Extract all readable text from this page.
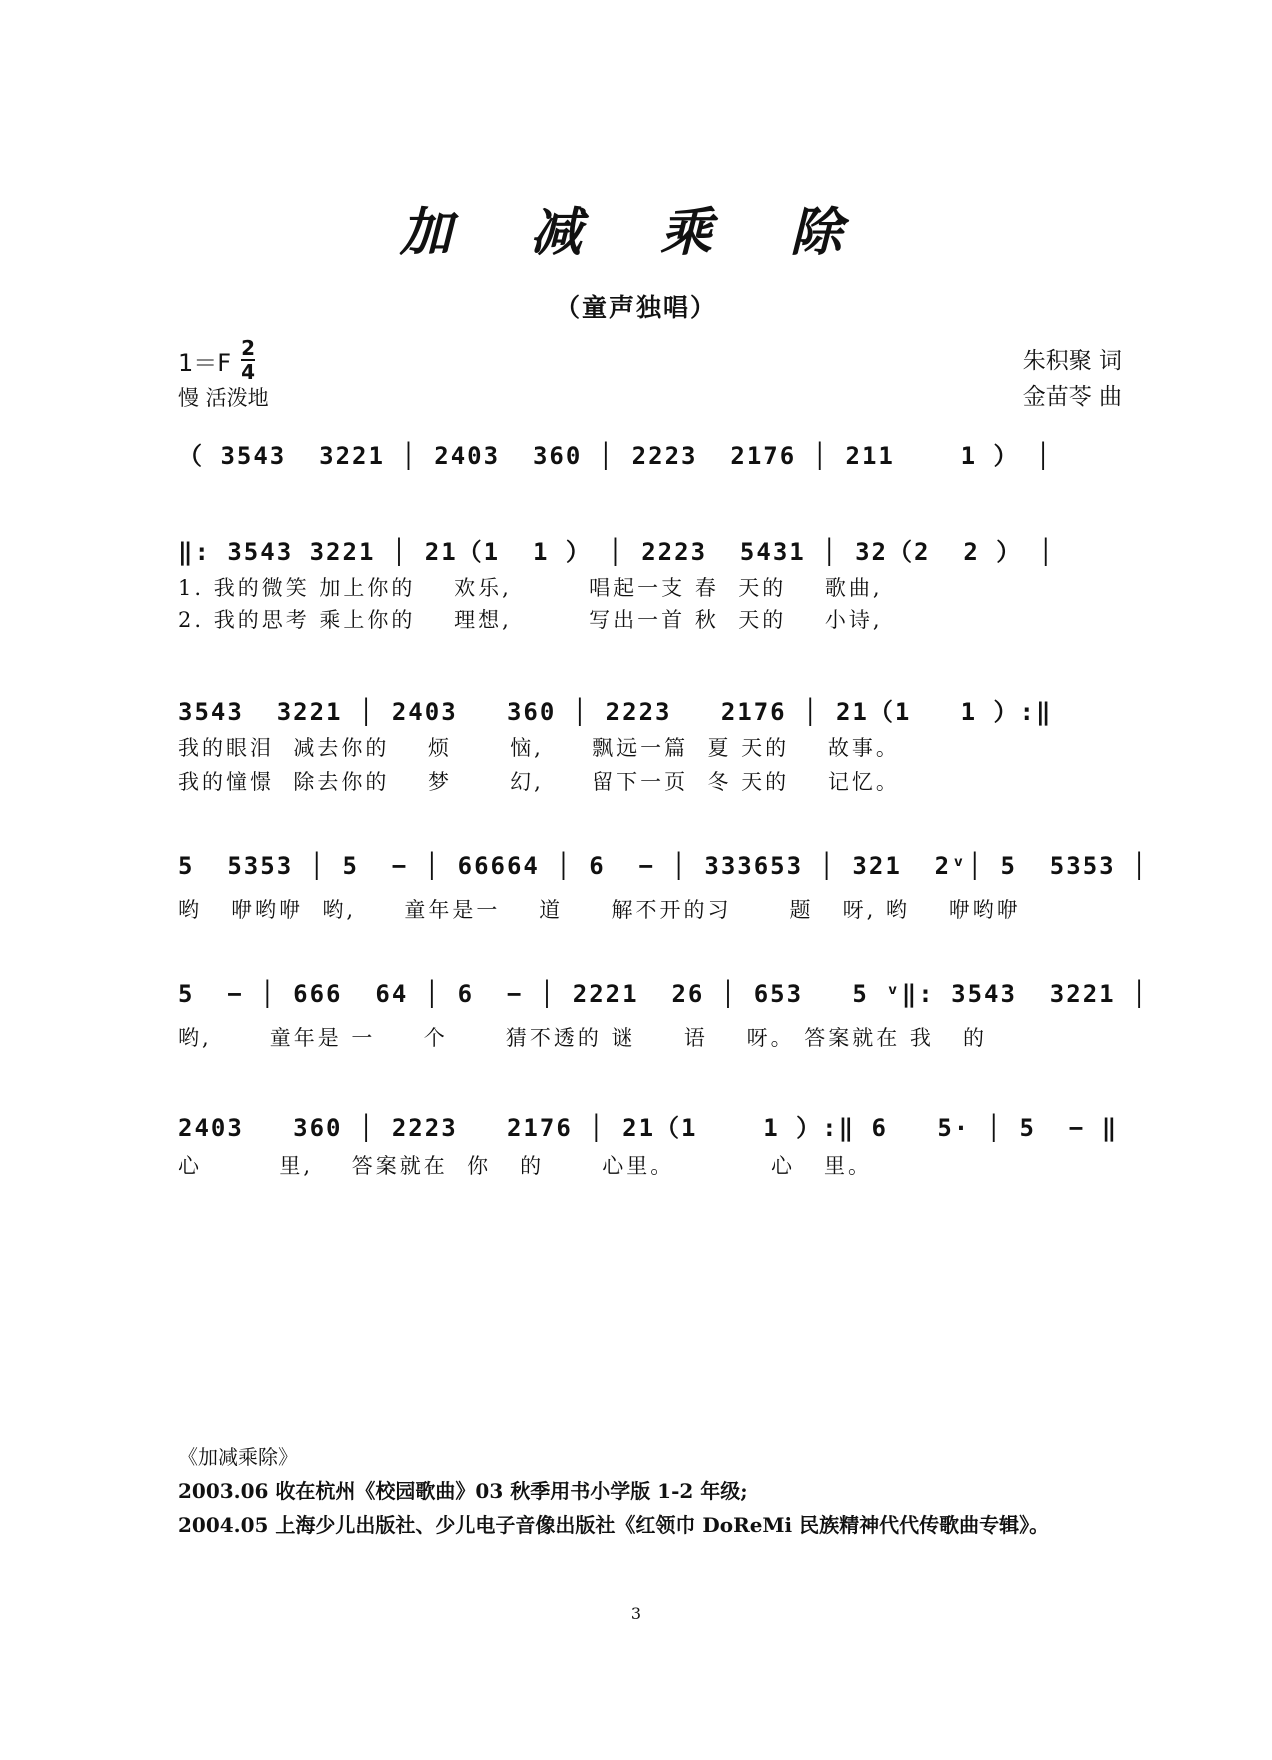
加 减 乘 除
（童声独唱）
1＝F
2
4
慢 活泼地
朱积聚 词
金苗苓 曲
（ 3543  3221 │ 2403  360 │ 2223  2176 │ 211    1 ） │
‖: 3543 3221 │ 21（1  1 ） │ 2223  5431 │ 32（2  2 ） │
1. 我的微笑 加上你的    欢乐,        唱起一支 春  天的    歌曲,
2. 我的思考 乘上你的    理想,        写出一首 秋  天的    小诗,
3543  3221 │ 2403   360 │ 2223   2176 │ 21（1   1 ）:‖
我的眼泪  减去你的    烦      恼,     飘远一篇  夏 天的    故事。
我的憧憬  除去你的    梦      幻,     留下一页  冬 天的    记忆。
5  5353 │ 5  − │ 66664 │ 6  − │ 333653 │ 321  2ᵛ│ 5  5353 │
哟   咿哟咿  哟,     童年是一    道     解不开的习      题   呀, 哟    咿哟咿
5  − │ 666  64 │ 6  − │ 2221  26 │ 653   5 ᵛ‖: 3543  3221 │
哟,      童年是 一     个      猜不透的 谜     语    呀。 答案就在 我   的
2403   360 │ 2223   2176 │ 21（1    1 ）:‖ 6   5· │ 5  − ‖
心        里,    答案就在  你   的      心里。          心   里。
《加减乘除》
2003.06 收在杭州《校园歌曲》03 秋季用书小学版 1-2 年级;
2004.05 上海少儿出版社、少儿电子音像出版社《红领巾 DoReMi 民族精神代代传歌曲专辑》。
3
